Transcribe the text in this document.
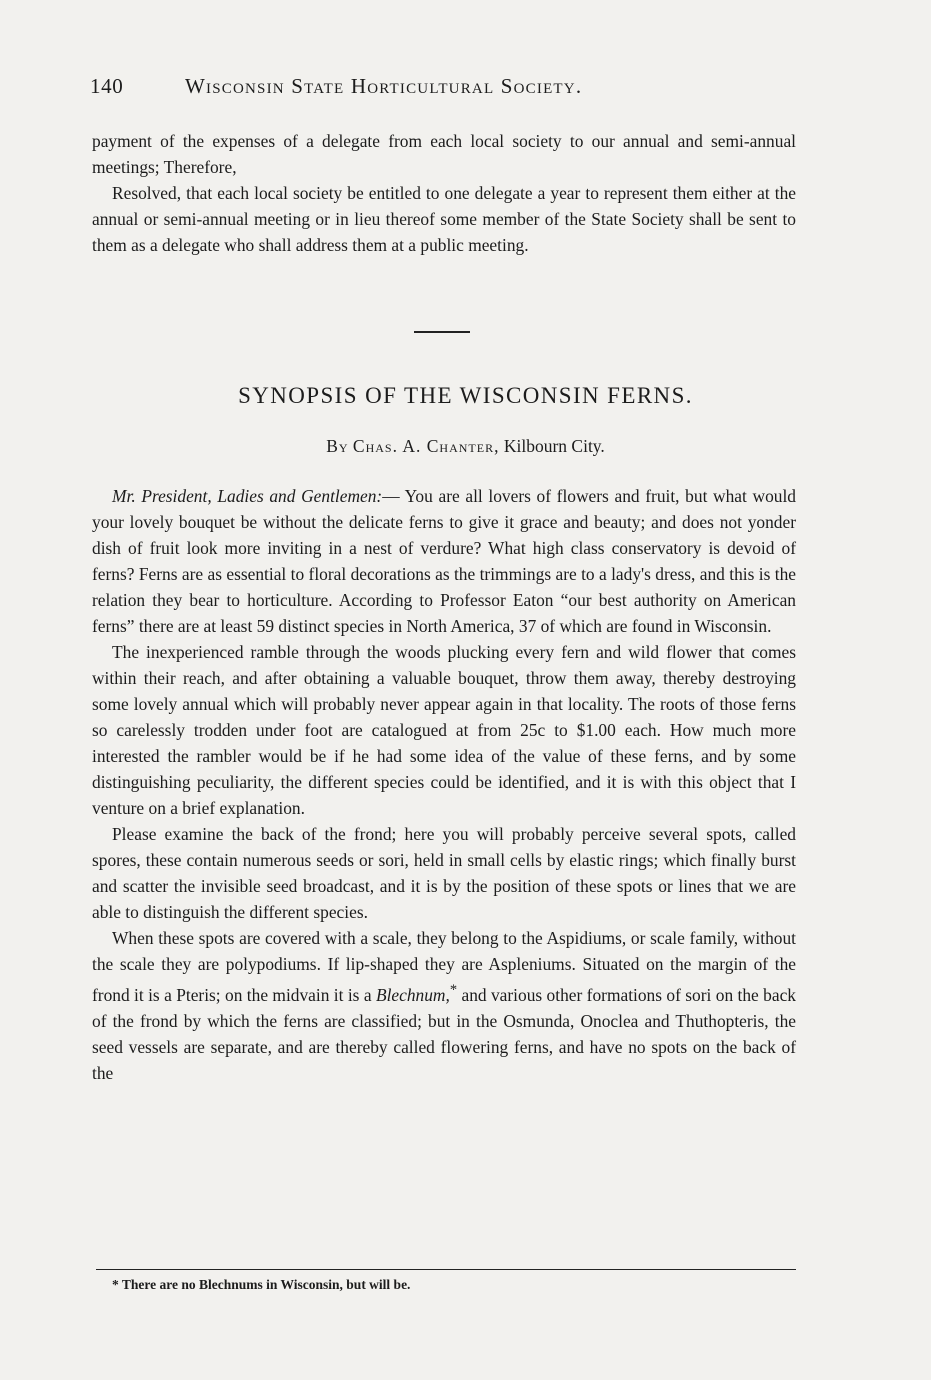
140	Wisconsin State Horticultural Society.

payment of the expenses of a delegate from each local society to our annual and semi-annual meetings; Therefore,

Resolved, that each local society be entitled to one delegate a year to represent them either at the annual or semi-annual meeting or in lieu thereof some member of the State Society shall be sent to them as a delegate who shall address them at a public meeting.

SYNOPSIS OF THE WISCONSIN FERNS.
By Chas. A. Chanter, Kilbourn City.

Mr. President, Ladies and Gentlemen:— You are all lovers of flowers and fruit, but what would your lovely bouquet be without the delicate ferns to give it grace and beauty; and does not yonder dish of fruit look more inviting in a nest of verdure? What high class conservatory is devoid of ferns? Ferns are as essential to floral decorations as the trimmings are to a lady's dress, and this is the relation they bear to horticulture. According to Professor Eaton “our best authority on American ferns” there are at least 59 distinct species in North America, 37 of which are found in Wisconsin.

The inexperienced ramble through the woods plucking every fern and wild flower that comes within their reach, and after obtaining a valuable bouquet, throw them away, thereby destroying some lovely annual which will probably never appear again in that locality. The roots of those ferns so carelessly trodden under foot are catalogued at from 25c to $1.00 each. How much more interested the rambler would be if he had some idea of the value of these ferns, and by some distinguishing peculiarity, the different species could be identified, and it is with this object that I venture on a brief explanation.

Please examine the back of the frond; here you will probably perceive several spots, called spores, these contain numerous seeds or sori, held in small cells by elastic rings; which finally burst and scatter the invisible seed broadcast, and it is by the position of these spots or lines that we are able to distinguish the different species.

When these spots are covered with a scale, they belong to the Aspidiums, or scale family, without the scale they are polypodiums. If lip-shaped they are Aspleniums. Situated on the margin of the frond it is a Pteris; on the midvain it is a Blechnum,* and various other formations of sori on the back of the frond by which the ferns are classified; but in the Osmunda, Onoclea and Thuthopteris, the seed vessels are separate, and are thereby called flowering ferns, and have no spots on the back of the

* There are no Blechnums in Wisconsin, but will be.
